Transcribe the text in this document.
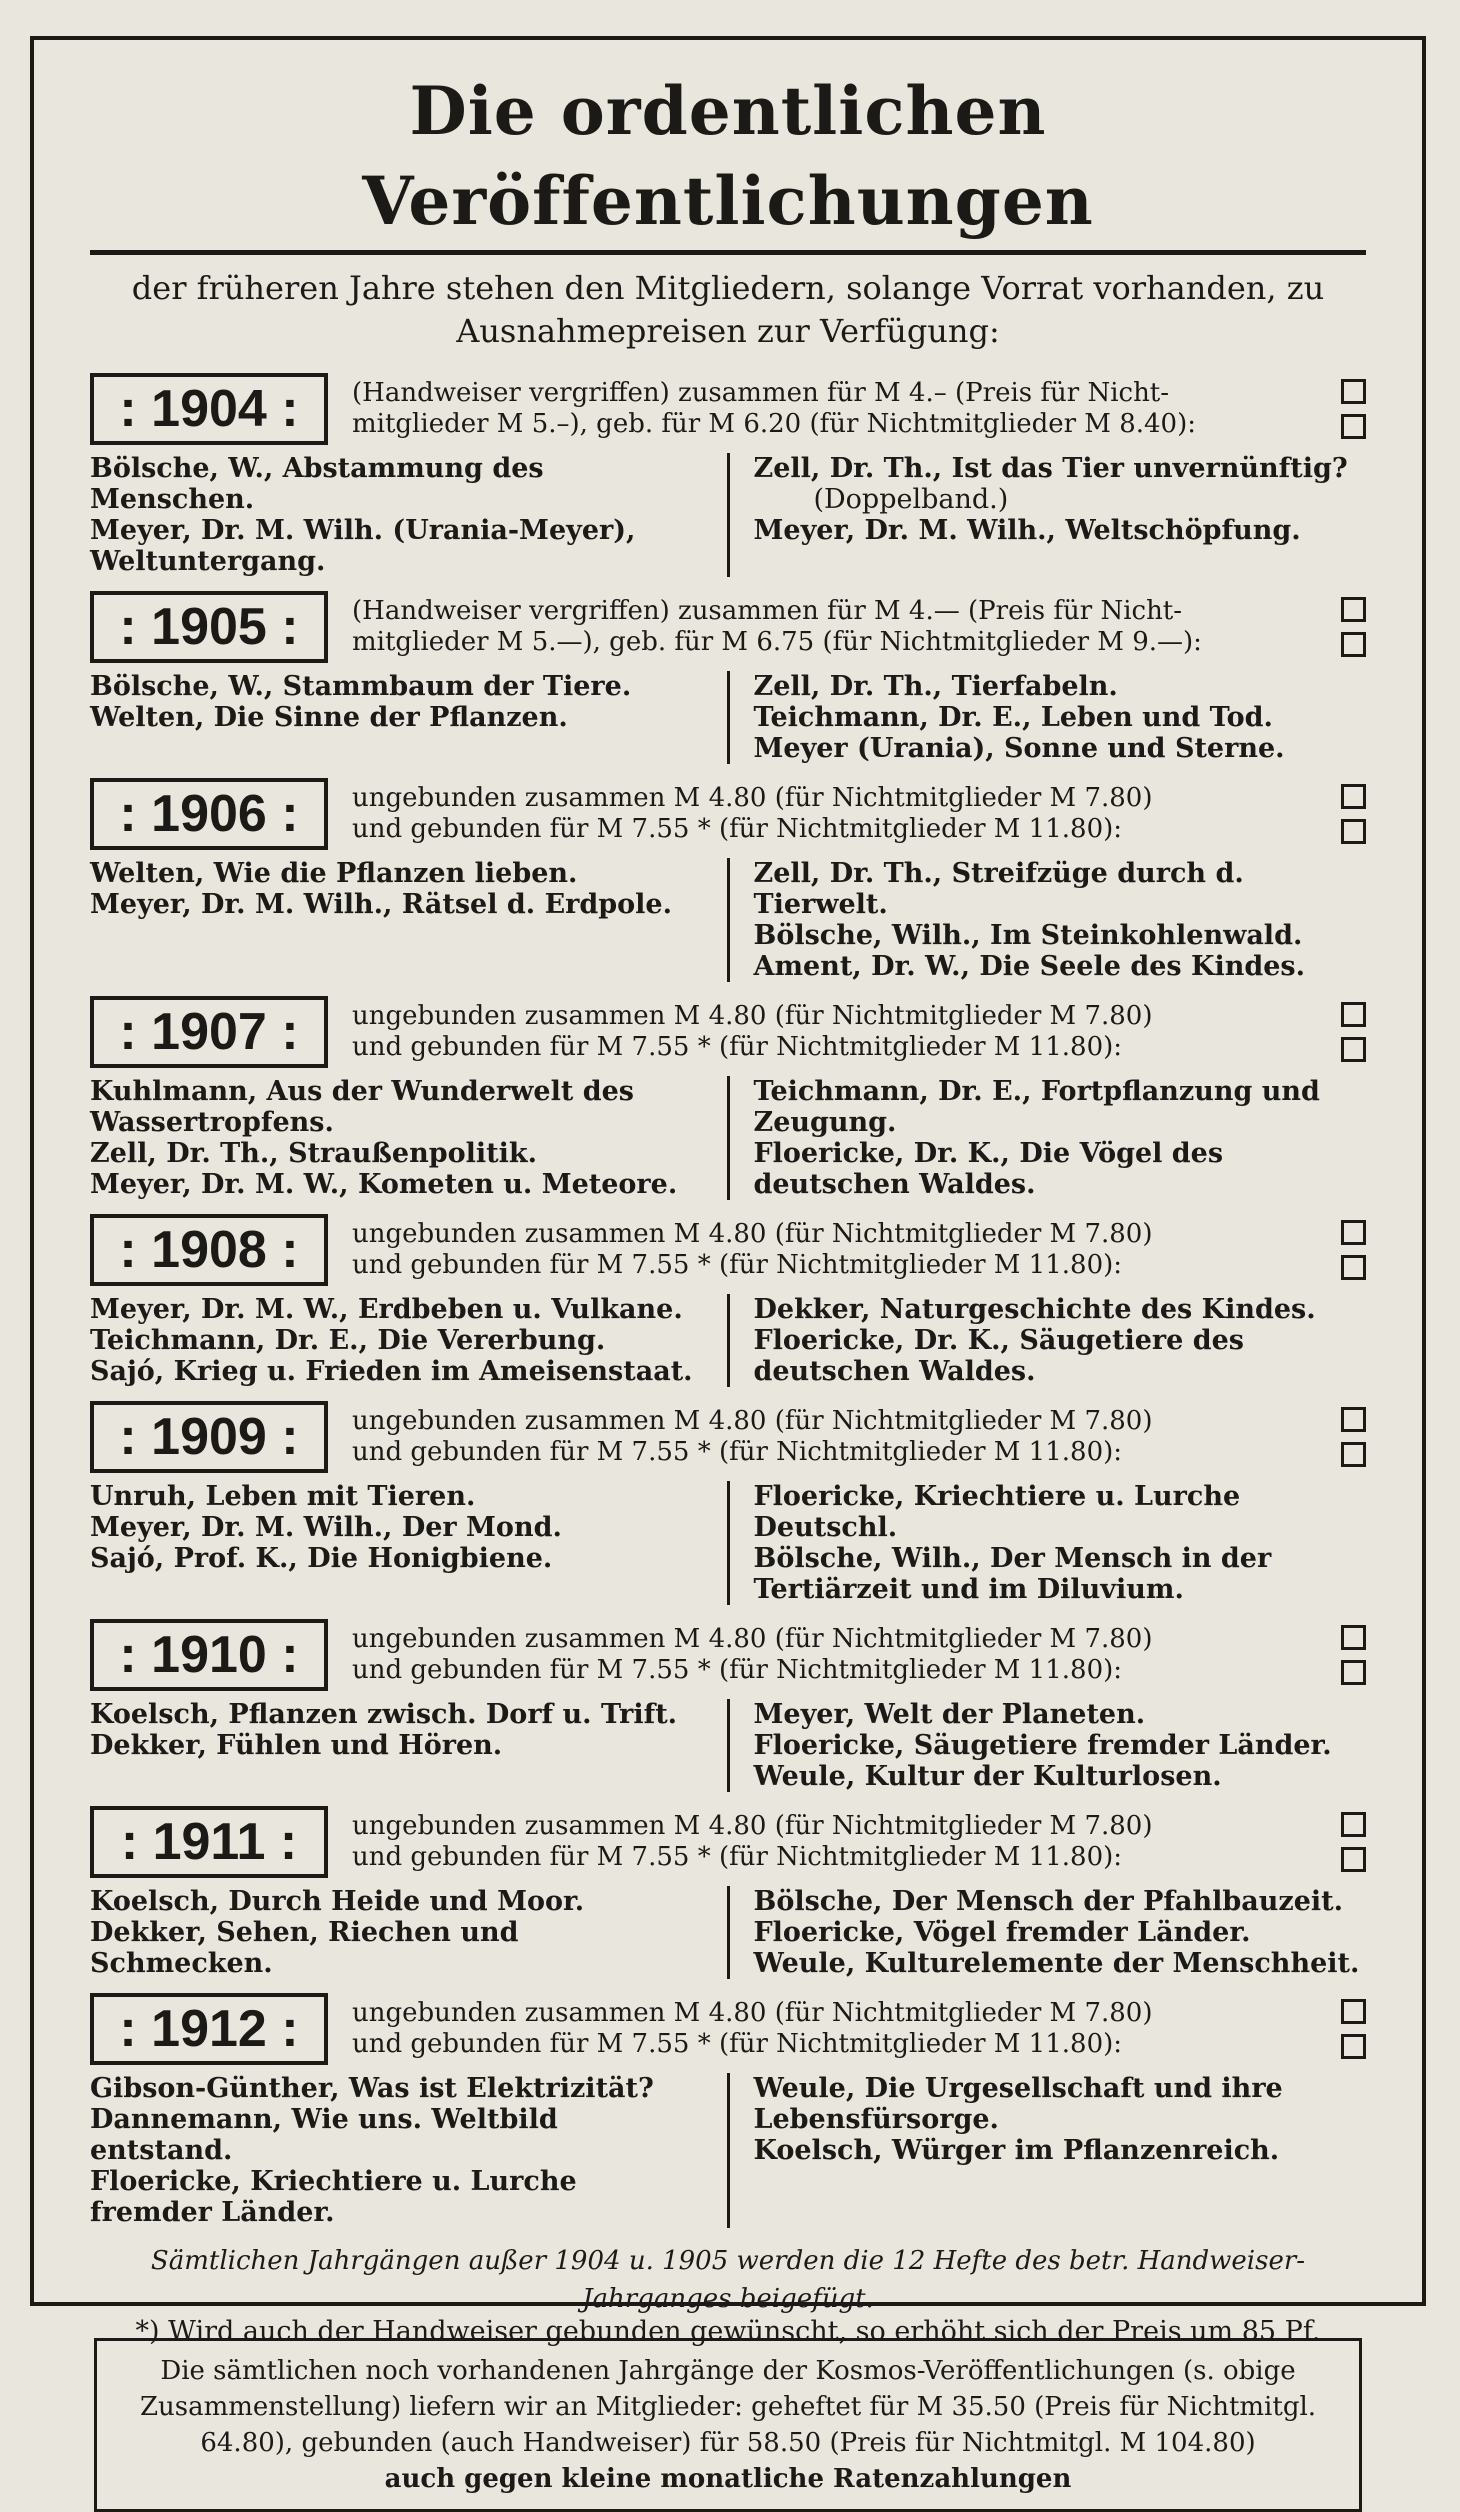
Die ordentlichen Veröffentlichungen
der früheren Jahre stehen den Mitgliedern, solange Vorrat vorhanden, zu Ausnahmepreisen zur Verfügung:
: 1904 :	(Handweiser vergriffen) zusammen für M 4.– (Preis für Nicht-
mitglieder M 5.–), geb. für M 6.20 (für Nichtmitglieder M 8.40):
Bölsche, W., Abstammung des Menschen.
Meyer, Dr. M. Wilh. (Urania-Meyer), Weltuntergang.
Zell, Dr. Th., Ist das Tier unvernünftig?
(Doppelband.)
Meyer, Dr. M. Wilh., Weltschöpfung.
: 1905 :	(Handweiser vergriffen) zusammen für M 4.— (Preis für Nicht-
mitglieder M 5.—), geb. für M 6.75 (für Nichtmitglieder M 9.—):
Bölsche, W., Stammbaum der Tiere.
Welten, Die Sinne der Pflanzen.
Zell, Dr. Th., Tierfabeln.
Teichmann, Dr. E., Leben und Tod.
Meyer (Urania), Sonne und Sterne.
: 1906 :	ungebunden zusammen M 4.80 (für Nichtmitglieder M 7.80)
und gebunden für M 7.55 * (für Nichtmitglieder M 11.80):
Welten, Wie die Pflanzen lieben.
Meyer, Dr. M. Wilh., Rätsel d. Erdpole.
Zell, Dr. Th., Streifzüge durch d. Tierwelt.
Bölsche, Wilh., Im Steinkohlenwald.
Ament, Dr. W., Die Seele des Kindes.
: 1907 :	ungebunden zusammen M 4.80 (für Nichtmitglieder M 7.80)
und gebunden für M 7.55 * (für Nichtmitglieder M 11.80):
Kuhlmann, Aus der Wunderwelt des Wassertropfens.
Zell, Dr. Th., Straußenpolitik.
Meyer, Dr. M. W., Kometen u. Meteore.
Teichmann, Dr. E., Fortpflanzung und Zeugung.
Floericke, Dr. K., Die Vögel des deutschen Waldes.
: 1908 :	ungebunden zusammen M 4.80 (für Nichtmitglieder M 7.80)
und gebunden für M 7.55 * (für Nichtmitglieder M 11.80):
Meyer, Dr. M. W., Erdbeben u. Vulkane.
Teichmann, Dr. E., Die Vererbung.
Sajó, Krieg u. Frieden im Ameisenstaat.
Dekker, Naturgeschichte des Kindes.
Floericke, Dr. K., Säugetiere des deutschen Waldes.
: 1909 :	ungebunden zusammen M 4.80 (für Nichtmitglieder M 7.80)
und gebunden für M 7.55 * (für Nichtmitglieder M 11.80):
Unruh, Leben mit Tieren.
Meyer, Dr. M. Wilh., Der Mond.
Sajó, Prof. K., Die Honigbiene.
Floericke, Kriechtiere u. Lurche Deutschl.
Bölsche, Wilh., Der Mensch in der Tertiärzeit und im Diluvium.
: 1910 :	ungebunden zusammen M 4.80 (für Nichtmitglieder M 7.80)
und gebunden für M 7.55 * (für Nichtmitglieder M 11.80):
Koelsch, Pflanzen zwisch. Dorf u. Trift.
Dekker, Fühlen und Hören.
Meyer, Welt der Planeten.
Floericke, Säugetiere fremder Länder.
Weule, Kultur der Kulturlosen.
: 1911 :	ungebunden zusammen M 4.80 (für Nichtmitglieder M 7.80)
und gebunden für M 7.55 * (für Nichtmitglieder M 11.80):
Koelsch, Durch Heide und Moor.
Dekker, Sehen, Riechen und Schmecken.
Bölsche, Der Mensch der Pfahlbauzeit.
Floericke, Vögel fremder Länder.
Weule, Kulturelemente der Menschheit.
: 1912 :	ungebunden zusammen M 4.80 (für Nichtmitglieder M 7.80)
und gebunden für M 7.55 * (für Nichtmitglieder M 11.80):
Gibson-Günther, Was ist Elektrizität?
Dannemann, Wie uns. Weltbild entstand.
Floericke, Kriechtiere u. Lurche fremder Länder.
Weule, Die Urgesellschaft und ihre Lebensfürsorge.
Koelsch, Würger im Pflanzenreich.
Sämtlichen Jahrgängen außer 1904 u. 1905 werden die 12 Hefte des betr. Handweiser-Jahrganges beigefügt.
Die sämtlichen noch vorhandenen Jahrgänge der Kosmos-Veröffentlichungen (s. obige Zusammenstellung) liefern wir an Mitglieder: geheftet für M 35.50 (Preis für Nichtmitgl. 64.80), gebunden (auch Handweiser) für 58.50 (Preis für Nichtmitgl. M 104.80)
auch gegen kleine monatliche Ratenzahlungen
*) Wird auch der Handweiser gebunden gewünscht, so erhöht sich der Preis um 85 Pf.
